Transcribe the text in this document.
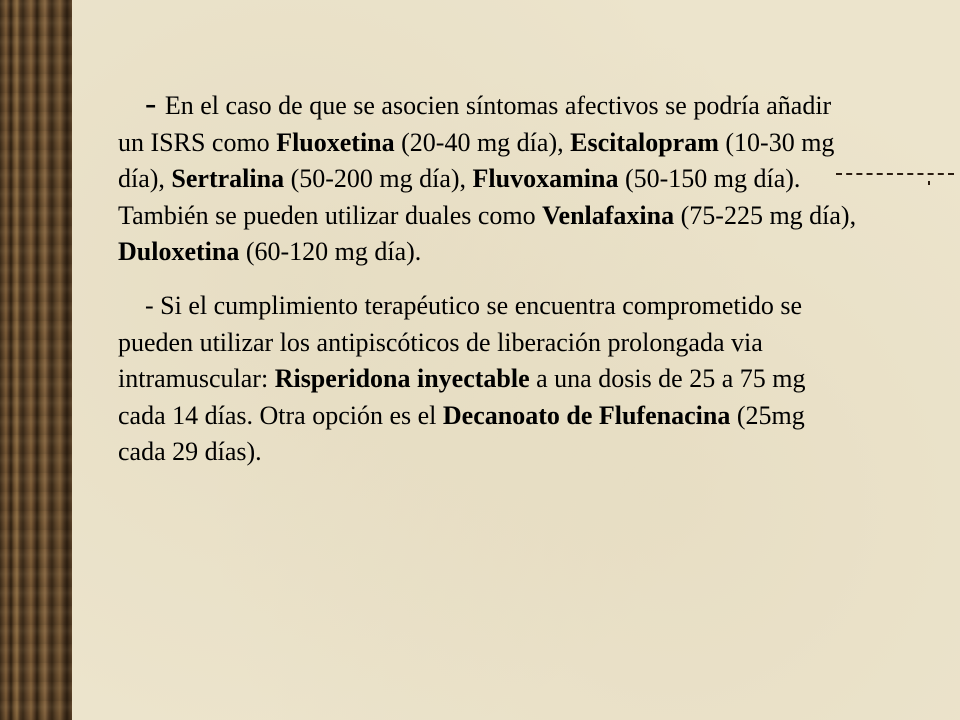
- En el caso de que se asocien síntomas afectivos se podría añadir un ISRS como Fluoxetina (20-40 mg día), Escitalopram (10-30 mg día), Sertralina (50-200 mg día), Fluvoxamina (50-150 mg día). También se pueden utilizar duales como Venlafaxina (75-225 mg día), Duloxetina (60-120 mg día).

- Si el cumplimiento terapéutico se encuentra comprometido se pueden utilizar los antipiscóticos de liberación prolongada via intramuscular: Risperidona inyectable a una dosis de 25 a 75 mg cada 14 días. Otra opción es el Decanoato de Flufenacina (25mg cada 29 días).
